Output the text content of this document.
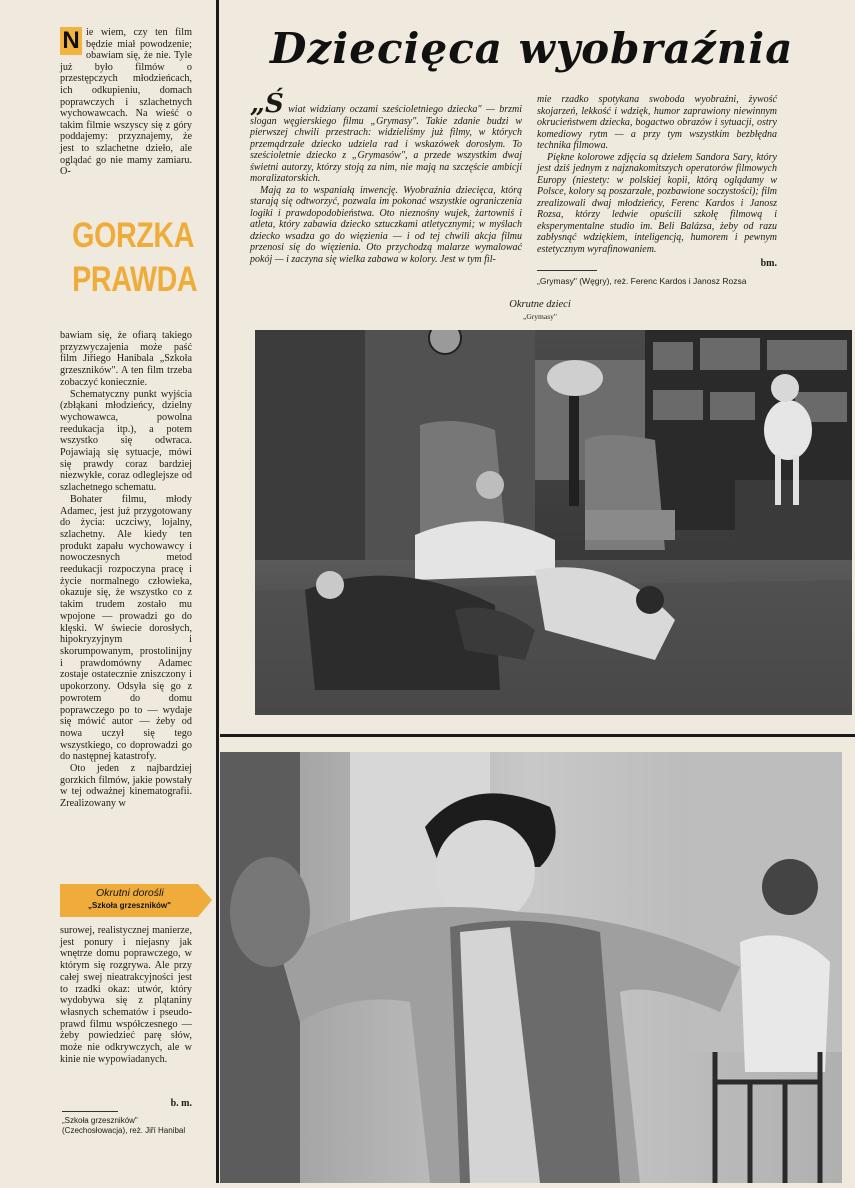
N ie wiem, czy ten film będzie miał powodzenie; obawiam się, że nie. Tyle już było filmów o przestępczych młodzieńcach, ich odkupieniu, domach poprawczych i szlachetnych wychowawcach. Na wieść o takim filmie wszyscy się z góry poddajemy: przyznajemy, że jest to szlachetne dzieło, ale oglądać go nie mamy zamiaru. O-
GORZKA
PRAWDA

bawiam się, że ofiarą takiego przyzwyczajenia może paść film Jiřiego Hanibala „Szkoła grzeszników". A ten film trzeba zobaczyć koniecznie.

Schematyczny punkt wyjścia (zbłąkani młodzieńcy, dzielny wychowawca, powolna reedukacja itp.), a potem wszystko się odwraca. Pojawiają się sytuacje, mówi się prawdy coraz bardziej niezwykłe, coraz odleglejsze od szlachetnego schematu.

Bohater filmu, młody Adamec, jest już przygotowany do życia: uczciwy, lojalny, szlachetny. Ale kiedy ten produkt zapału wychowawcy i nowoczesnych metod reedukacji rozpoczyna pracę i życie normalnego człowieka, okazuje się, że wszystko co z takim trudem zostało mu wpojone — prowadzi go do klęski. W świecie dorosłych, hipokryzyjnym i skorumpowanym, prostolinijny i prawdomówny Adamec zostaje ostatecznie zniszczony i upokorzony. Odsyła się go z powrotem do domu poprawczego po to — wydaje się mówić autor — żeby od nowa uczył się tego wszystkiego, co doprowadzi go do następnej katastrofy.

Oto jeden z najbardziej gorzkich filmów, jakie powstały w tej odważnej kinematografii. Zrealizowany w

Okrutni dorośli
„Szkoła grzeszników"
surowej, realistycznej manierze, jest ponury i niejasny jak wnętrze domu poprawczego, w którym się rozgrywa. Ale przy całej swej nieatrakcyjności jest to rzadki okaz: utwór, który wydobywa się z plątaniny własnych schematów i pseudo-prawd filmu współczesnego — żeby powiedzieć parę słów, może nie odkrywczych, ale w kinie nie wypowiadanych.
b. m.
„Szkoła grzeszników" (Czechosłowacja), reż. Jiří Hanibal
Dziecięca wyobraźnia

„Ś wiat widziany oczami sześcioletniego dziecka" — brzmi slogan węgierskiego filmu „Grymasy". Takie zdanie budzi w pierwszej chwili przestrach: widzieliśmy już filmy, w których przemądrzałe dziecko udziela rad i wskazówek dorosłym. To sześcioletnie dziecko z „Grymasów", a przede wszystkim dwaj świetni autorzy, którzy stoją za nim, nie mają na szczęście ambicji moralizatorskich.

Mają za to wspaniałą inwencję. Wyobraźnia dziecięca, którą starają się odtworzyć, pozwala im pokonać wszystkie ograniczenia logiki i prawdopodobieństwa. Oto nieznośny wujek, żartowniś i atleta, który zabawia dziecko sztuczkami atletycznymi; w myślach dziecko wsadza go do więzienia — i od tej chwili akcja filmu przenosi się do więzienia. Oto przychodzą malarze wymalować pokój — i zaczyna się wielka zabawa w kolory. Jest w tym fil-

mie rzadko spotykana swoboda wyobraźni, żywość skojarzeń, lekkość i wdzięk, humor zaprawiony niewinnym okrucieństwem dziecka, bogactwo obrazów i sytuacji, ostry komediowy rytm — a przy tym wszystkim bezbłędna technika filmowa.

Piękne kolorowe zdjęcia są dziełem Sandora Sary, który jest dziś jednym z najznakomitszych operatorów filmowych Europy (niestety: w polskiej kopii, którą oglądamy w Polsce, kolory są poszarzałe, pozbawione soczystości); film zrealizowali dwaj młodzieńcy, Ferenc Kardos i Janosz Rozsa, którzy ledwie opuścili szkołę filmową i eksperymentalne studio im. Beli Balázsa, żeby od razu zabłysnąć wdziękiem, inteligencją, humorem i pewnym estetycznym wyrafinowaniem.

bm.
„Grymasy" (Węgry), reż. Ferenc Kardos i Janosz Rozsa
Okrutne dzieci
„Grymasy"
